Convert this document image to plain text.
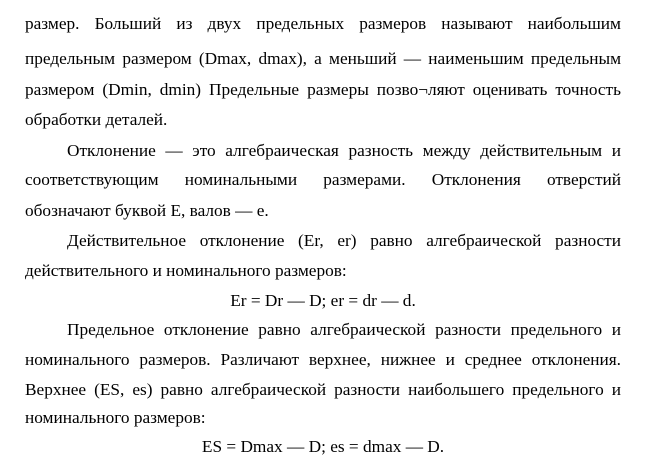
размер. Больший из двух предельных размеров называют наибольшим
предельным размером (Dmax, dmax), а меньший — наименьшим предельным
размером (Dmin, dmin) Предельные размеры позво¬ляют оценивать точность
обработки деталей.
Отклонение — это алгебраическая разность между действительным и
соответствующим номинальными размерами. Отклонения отверстий
обозначают буквой E, валов — e.
Действительное отклонение (Er, er) равно алгебраической разности
действительного и номинального размеров:
Er = Dr — D; er = dr — d.
Предельное отклонение равно алгебраической разности предельного и
номинального размеров. Различают верхнее, нижнее и среднее отклонения.
Верхнее (ES, es) равно алгебраической разности наибольшего предельного и
номинального размеров:
ES = Dmax — D; es = dmax — D.
